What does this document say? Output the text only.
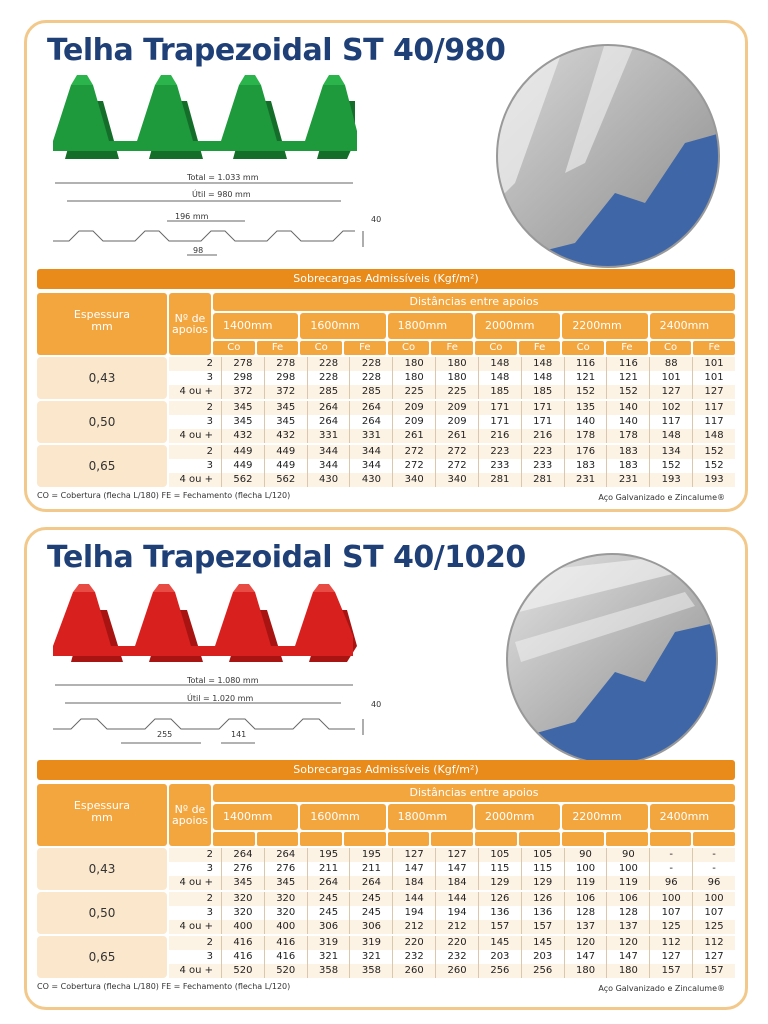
Telha Trapezoidal ST 40/980
Total = 1.033 mm
Útil = 980 mm
196 mm
98
40
Sobrecargas Admissíveis (Kgf/m²)
Espessura
mm
Nº de
apoios
Distâncias entre apoios
1400mm	1600mm	1800mm	2000mm	2200mm	2400mm
Co	Fe	Co	Fe	Co	Fe	Co	Fe	Co	Fe	Co	Fe
0,43
2	278	278	228	228	180	180	148	148	116	116	88	101
3	298	298	228	228	180	180	148	148	121	121	101	101
4 ou +	372	372	285	285	225	225	185	185	152	152	127	127
0,50
2	345	345	264	264	209	209	171	171	135	140	102	117
3	345	345	264	264	209	209	171	171	140	140	117	117
4 ou +	432	432	331	331	261	261	216	216	178	178	148	148
0,65
2	449	449	344	344	272	272	223	223	176	183	134	152
3	449	449	344	344	272	272	233	233	183	183	152	152
4 ou +	562	562	430	430	340	340	281	281	231	231	193	193
CO = Cobertura (flecha L/180) FE = Fechamento (flecha L/120)	Aço Galvanizado e Zincalume®
Telha Trapezoidal ST 40/1020
Total = 1.080 mm
Útil = 1.020 mm
255	141
40
Sobrecargas Admissíveis (Kgf/m²)
Espessura
mm
Nº de
apoios
Distâncias entre apoios
1400mm	1600mm	1800mm	2000mm	2200mm	2400mm
0,43
2	264	264	195	195	127	127	105	105	90	90	-	-
3	276	276	211	211	147	147	115	115	100	100	-	-
4 ou +	345	345	264	264	184	184	129	129	119	119	96	96
0,50
2	320	320	245	245	144	144	126	126	106	106	100	100
3	320	320	245	245	194	194	136	136	128	128	107	107
4 ou +	400	400	306	306	212	212	157	157	137	137	125	125
0,65
2	416	416	319	319	220	220	145	145	120	120	112	112
3	416	416	321	321	232	232	203	203	147	147	127	127
4 ou +	520	520	358	358	260	260	256	256	180	180	157	157
CO = Cobertura (flecha L/180) FE = Fechamento (flecha L/120)	Aço Galvanizado e Zincalume®
